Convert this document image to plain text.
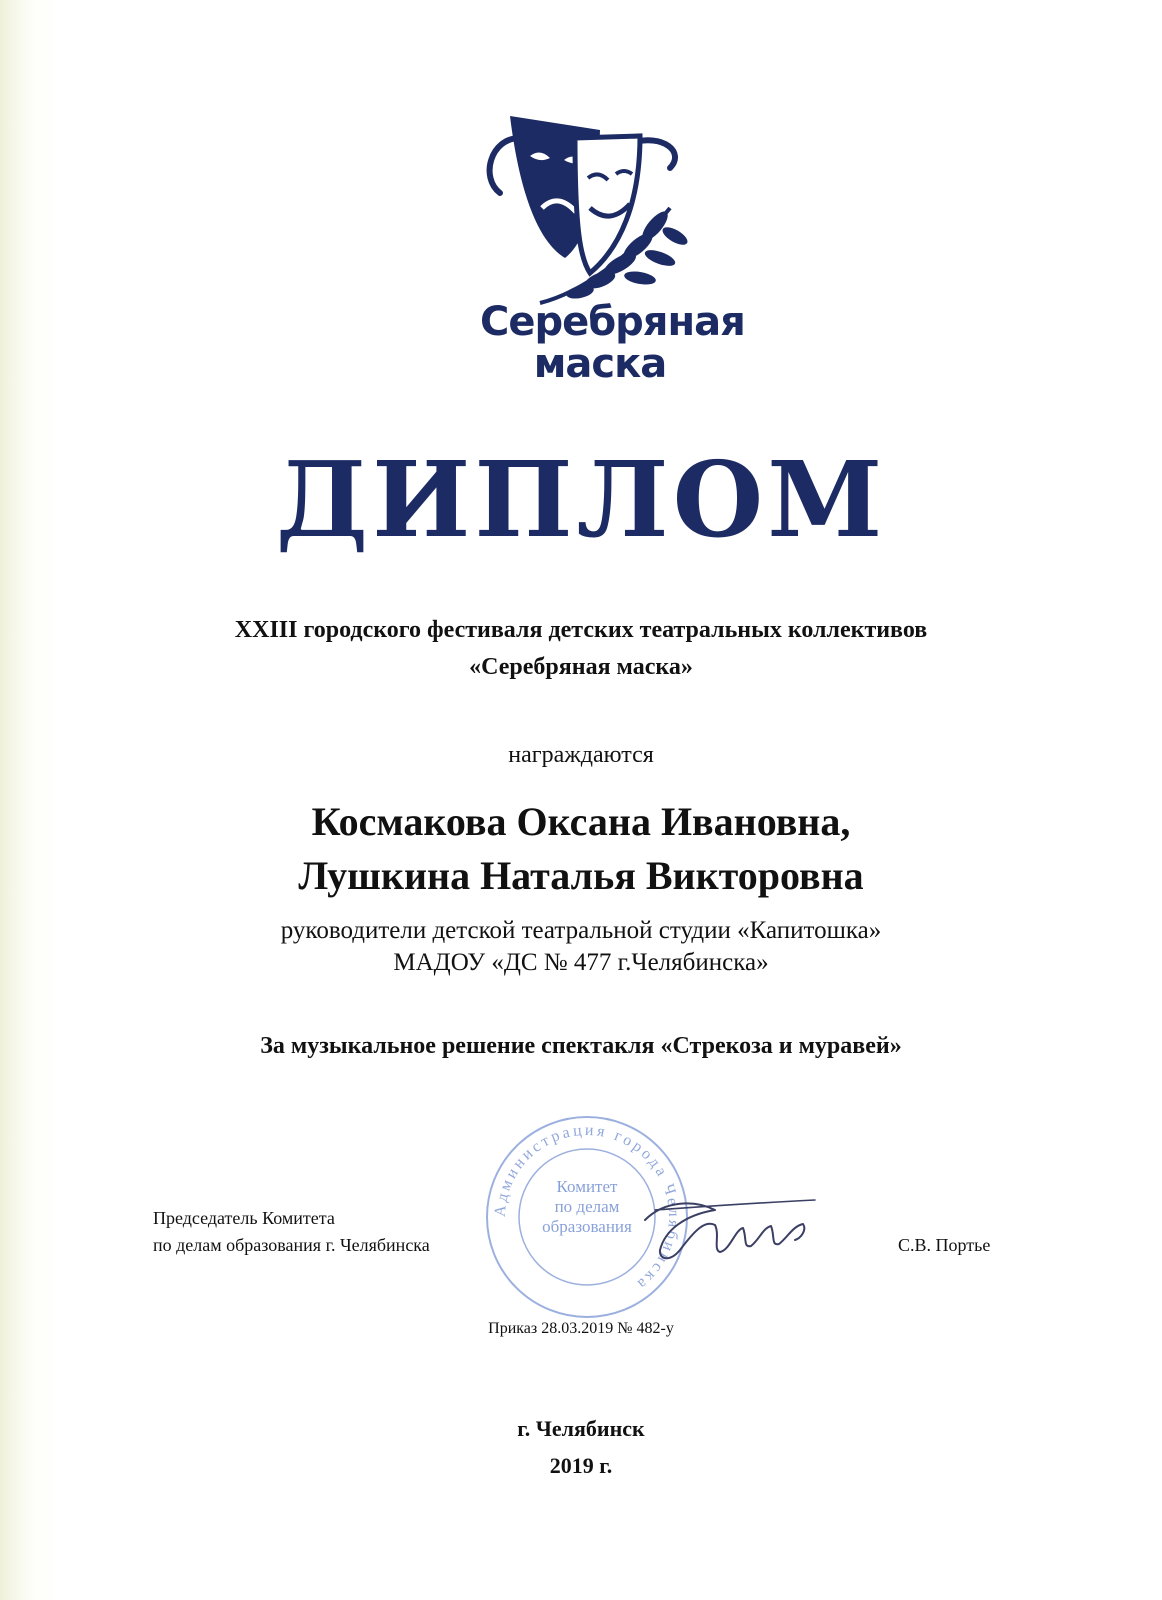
Серебряная
маска
ДИПЛОМ
XXIII городского фестиваля детских театральных коллективов
«Серебряная маска»
награждаются
Космакова Оксана Ивановна,
Лушкина Наталья Викторовна
руководители детской театральной студии «Капитошка»
МАДОУ «ДС № 477 г.Челябинска»
За музыкальное решение спектакля «Стрекоза и муравей»
Администрация города Челябинска
Комитет
по делам
образования
Председатель Комитета
по делам образования г. Челябинска	С.В. Портье
Приказ 28.03.2019 № 482-у
г. Челябинск
2019 г.
